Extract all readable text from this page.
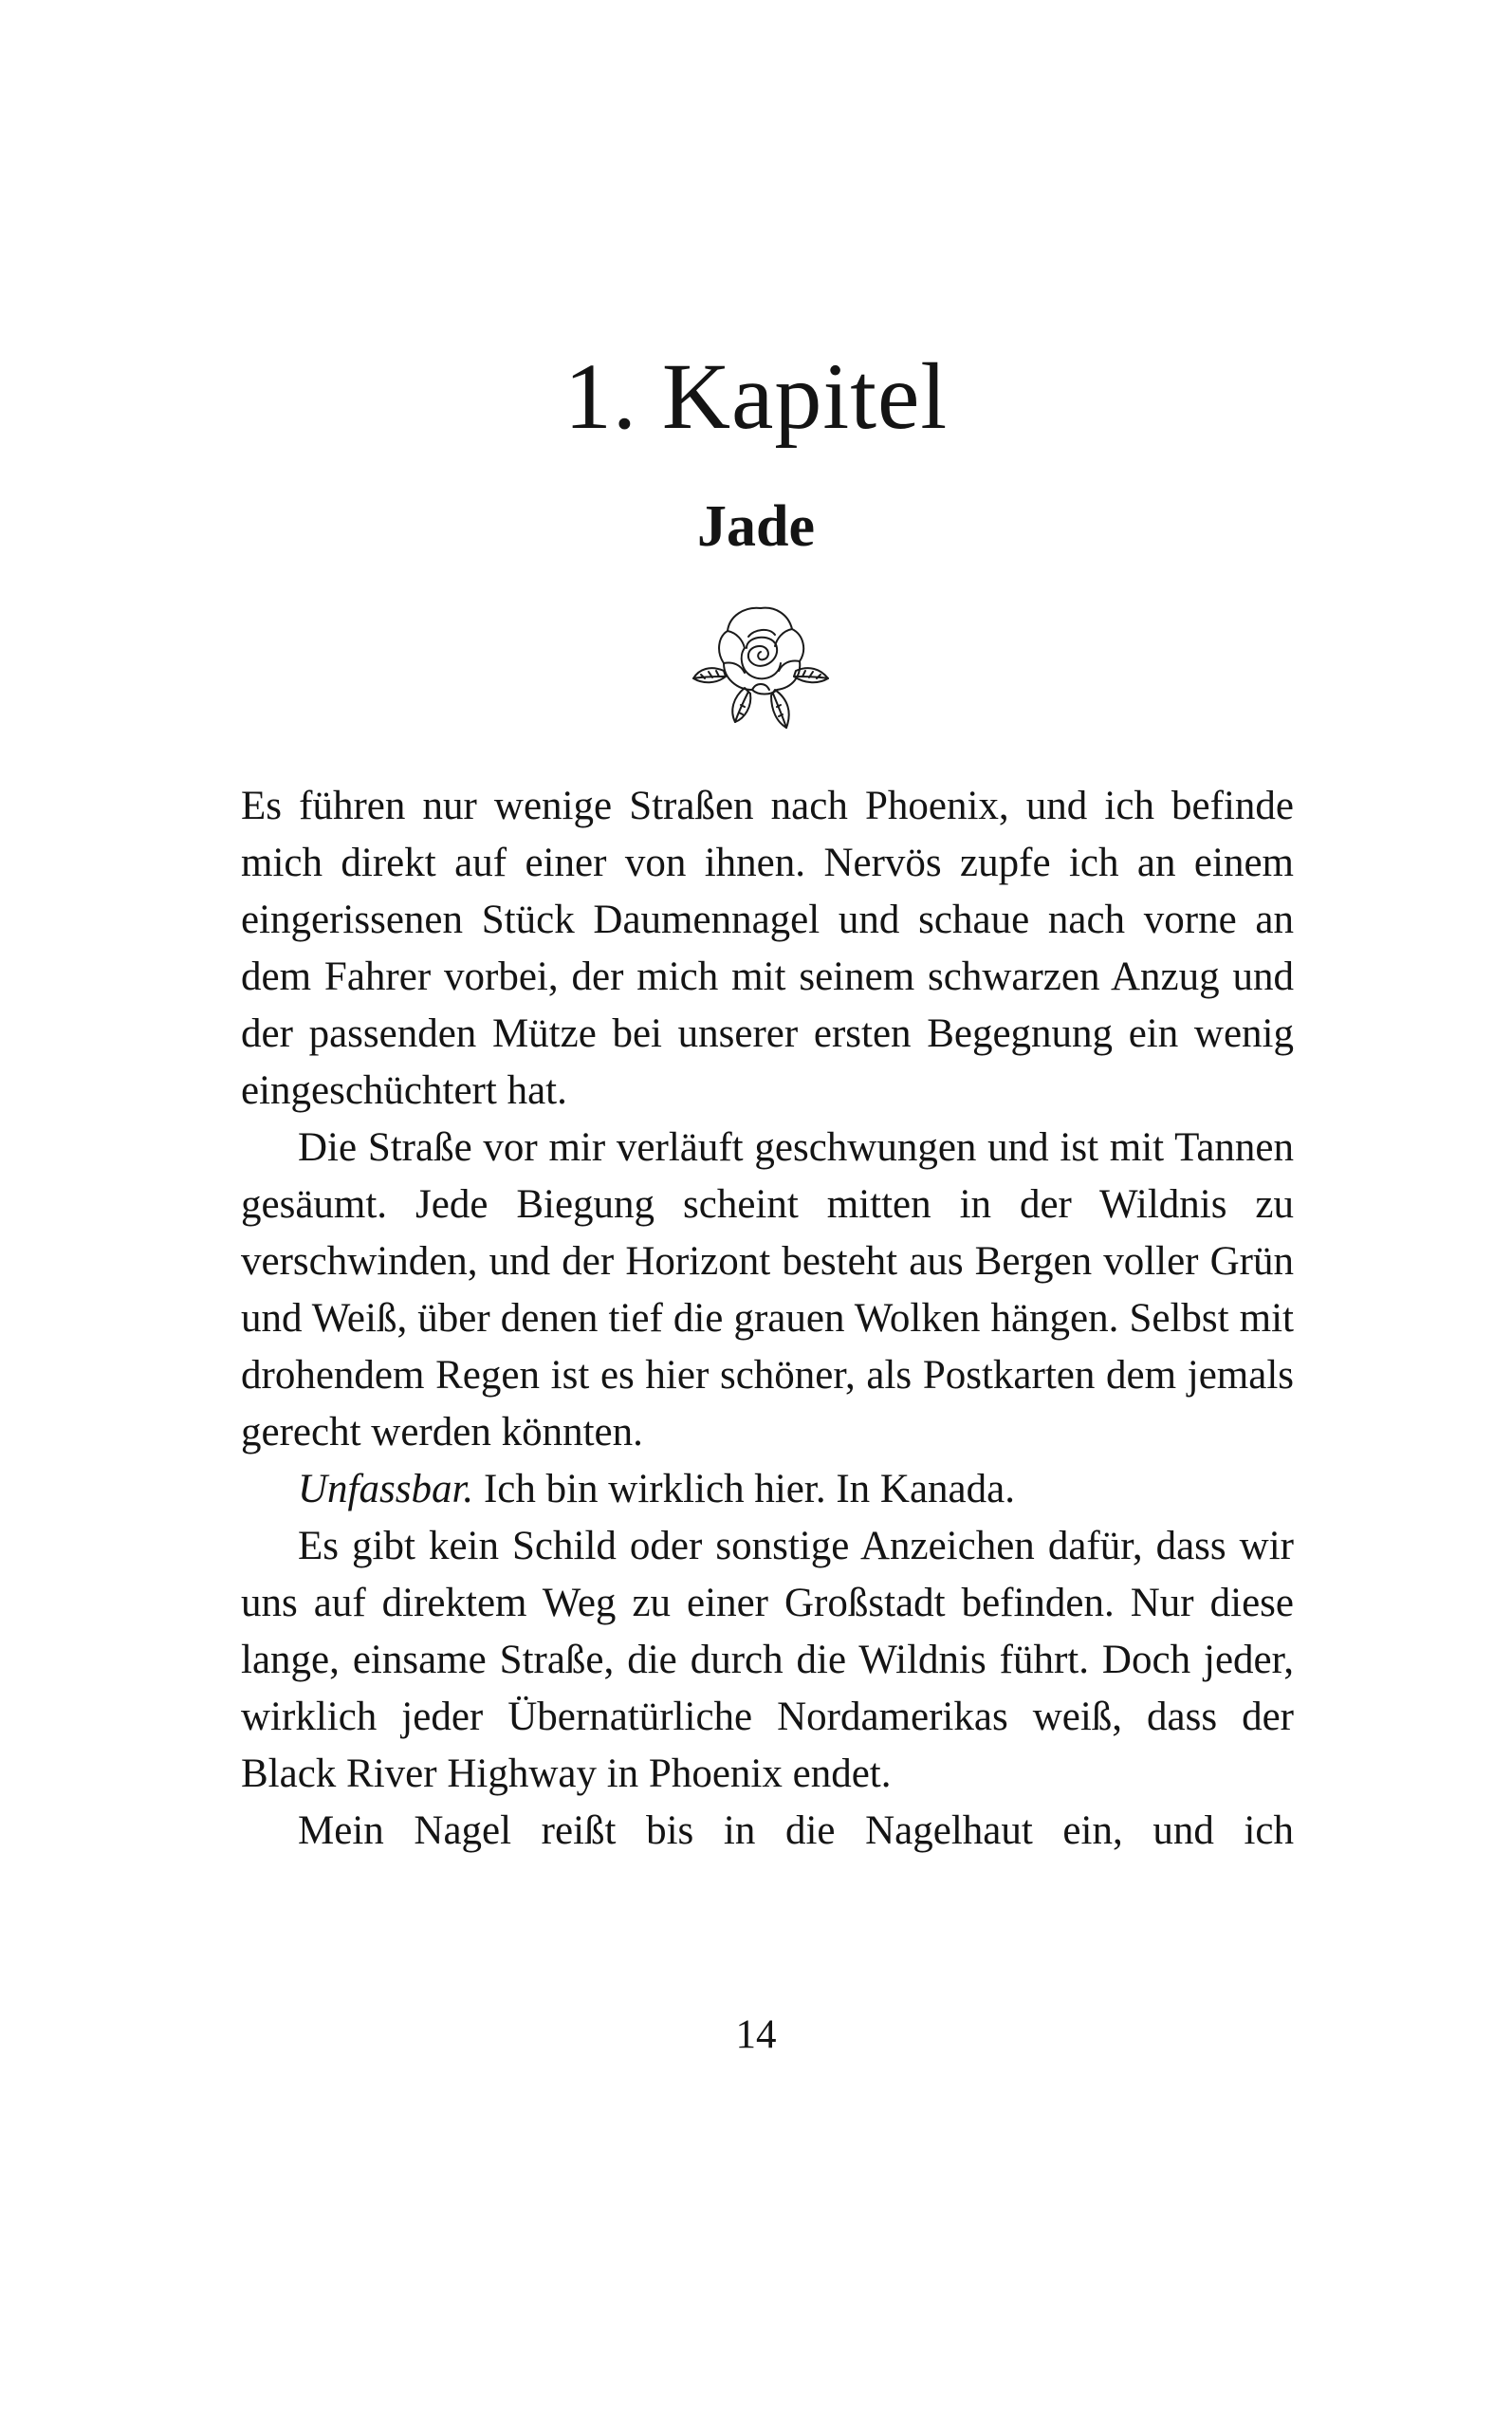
1. Kapitel
Jade

Es führen nur wenige Straßen nach Phoenix, und ich befinde mich direkt auf einer von ihnen. Nervös zupfe ich an einem eingerissenen Stück Daumennagel und schaue nach vorne an dem Fahrer vorbei, der mich mit seinem schwarzen Anzug und der passenden Mütze bei unserer ersten Begegnung ein wenig eingeschüchtert hat.

Die Straße vor mir verläuft geschwungen und ist mit Tannen gesäumt. Jede Biegung scheint mitten in der Wildnis zu verschwinden, und der Horizont besteht aus Bergen voller Grün und Weiß, über denen tief die grauen Wolken hängen. Selbst mit drohendem Regen ist es hier schöner, als Postkarten dem jemals gerecht werden könnten.

Unfassbar. Ich bin wirklich hier. In Kanada.

Es gibt kein Schild oder sonstige Anzeichen dafür, dass wir uns auf direktem Weg zu einer Großstadt befinden. Nur diese lange, einsame Straße, die durch die Wildnis führt. Doch jeder, wirklich jeder Übernatürliche Nordamerikas weiß, dass der Black River Highway in Phoenix endet.

Mein Nagel reißt bis in die Nagelhaut ein, und ich

14
